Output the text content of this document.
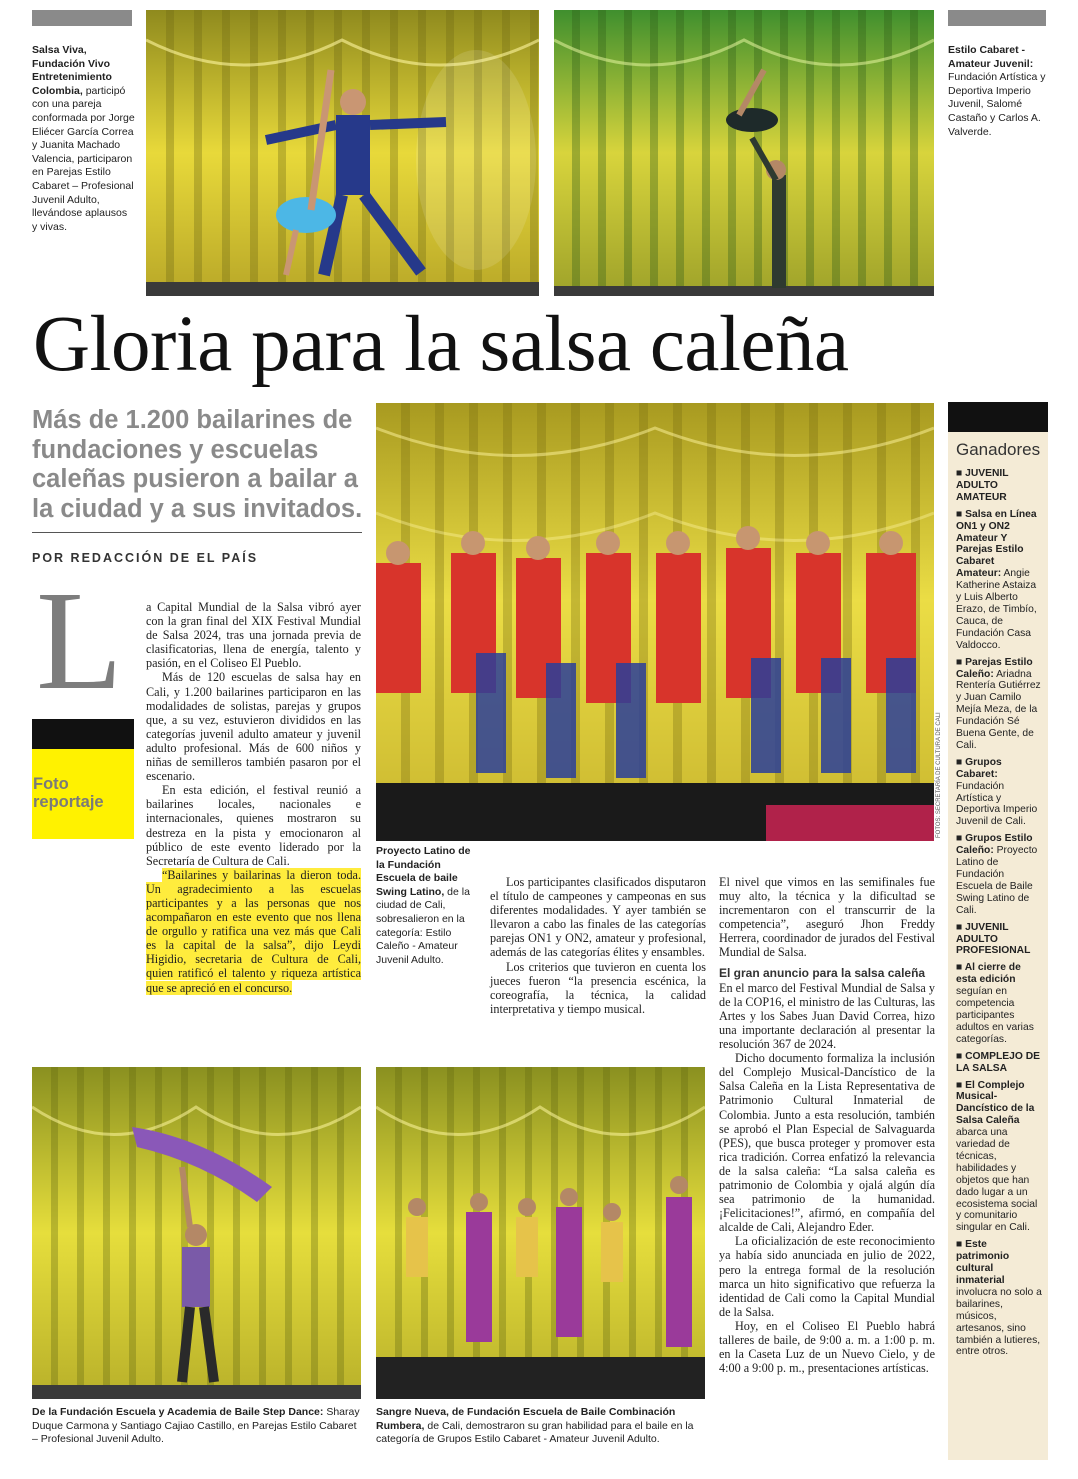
Salsa Viva, Fundación Vivo Entretenimiento Colombia, participó con una pareja conformada por Jorge Eliécer García Correa y Juanita Machado Valencia, participaron en Parejas Estilo Cabaret – Profesional Juvenil Adulto, llevándose aplausos y vivas.
Estilo Cabaret - Amateur Juvenil: Fundación Artística y Deportiva Imperio Juvenil, Salomé Castaño y Carlos A. Valverde.
Gloria para la salsa caleña
Más de 1.200 bailarines de fundaciones y escuelas caleñas pusieron a bailar a la ciudad y a sus invitados.
POR REDACCIÓN DE EL PAÍS
L
Foto reportaje

a Capital Mundial de la Salsa vibró ayer con la gran final del XIX Festival Mundial de Salsa 2024, tras una jornada previa de clasificatorias, llena de energía, talento y pasión, en el Coliseo El Pueblo.

Más de 120 escuelas de salsa hay en Cali, y 1.200 bailarines participaron en las modalidades de solistas, parejas y grupos que, a su vez, estuvieron divididos en las categorías juvenil adulto amateur y juvenil adulto profesional. Más de 600 niños y niñas de semilleros también pasaron por el escenario.

En esta edición, el festival reunió a bailarines locales, nacionales e internacionales, quienes mostraron su destreza en la pista y emocionaron al público de este evento liderado por la Secretaría de Cultura de Cali.

“Bailarines y bailarinas la dieron toda. Un agradecimiento a las escuelas participantes y a las personas que nos acompañaron en este evento que nos llena de orgullo y ratifica una vez más que Cali es la capital de la salsa”, dijo Leydi Higidio, secretaria de Cultura de Cali, quien ratificó el talento y riqueza artística que se apreció en el concurso.

FOTOS: SECRETARÍA DE CULTURA DE CALI
Proyecto Latino de la Fundación Escuela de baile Swing Latino, de la ciudad de Cali, sobresalieron en la categoría: Estilo Caleño - Amateur Juvenil Adulto.

Los participantes clasificados disputaron el título de campeones y campeonas en sus diferentes modalidades. Y ayer también se llevaron a cabo las finales de las categorías parejas ON1 y ON2, amateur y profesional, además de las categorías élites y ensambles.

Los criterios que tuvieron en cuenta los jueces fueron “la presencia escénica, la coreografía, la técnica, la calidad interpretativa y tiempo musical.

El nivel que vimos en las semifinales fue muy alto, la técnica y la dificultad se incrementaron con el transcurrir de la competencia”, aseguró Jhon Freddy Herrera, coordinador de jurados del Festival Mundial de Salsa.

El gran anuncio para la salsa caleña

En el marco del Festival Mundial de Salsa y de la COP16, el ministro de las Culturas, las Artes y los Sabes Juan David Correa, hizo una importante declaración al presentar la resolución 367 de 2024.

Dicho documento formaliza la inclusión del Complejo Musical-Dancístico de la Salsa Caleña en la Lista Representativa de Patrimonio Cultural Inmaterial de Colombia. Junto a esta resolución, también se aprobó el Plan Especial de Salvaguarda (PES), que busca proteger y promover esta rica tradición. Correa enfatizó la relevancia de la salsa caleña: “La salsa caleña es patrimonio de Colombia y ojalá algún día sea patrimonio de la humanidad. ¡Felicitaciones!”, afirmó, en compañía del alcalde de Cali, Alejandro Eder.

La oficialización de este reconocimiento ya había sido anunciada en julio de 2022, pero la entrega formal de la resolución marca un hito significativo que refuerza la identidad de Cali como la Capital Mundial de la Salsa.

Hoy, en el Coliseo El Pueblo habrá talleres de baile, de 9:00 a. m. a 1:00 p. m. en la Caseta Luz de un Nuevo Cielo, y de 4:00 a 9:00 p. m., presentaciones artísticas.

Ganadores
■ JUVENIL ADULTO AMATEUR
■ Salsa en Línea ON1 y ON2 Amateur Y Parejas Estilo Cabaret Amateur: Angie Katherine Astaiza y Luis Alberto Erazo, de Timbío, Cauca, de Fundación Casa Valdocco.
■ Parejas Estilo Caleño: Ariadna Rentería Gutiérrez y Juan Camilo Mejía Meza, de la Fundación Sé Buena Gente, de Cali.
■ Grupos Cabaret: Fundación Artística y Deportiva Imperio Juvenil de Cali.
■ Grupos Estilo Caleño: Proyecto Latino de Fundación Escuela de Baile Swing Latino de Cali.
■ JUVENIL ADULTO PROFESIONAL
■ Al cierre de esta edición seguían en competencia participantes adultos en varias categorías.
■ COMPLEJO DE LA SALSA
■ El Complejo Musical-Dancístico de la Salsa Caleña abarca una variedad de técnicas, habilidades y objetos que han dado lugar a un ecosistema social y comunitario singular en Cali.
■ Este patrimonio cultural inmaterial involucra no solo a bailarines, músicos, artesanos, sino también a lutieres, entre otros.
De la Fundación Escuela y Academia de Baile Step Dance: Sharay Duque Carmona y Santiago Cajiao Castillo, en Parejas Estilo Cabaret – Profesional Juvenil Adulto.
Sangre Nueva, de Fundación Escuela de Baile Combinación Rumbera, de Cali, demostraron su gran habilidad para el baile en la categoría de Grupos Estilo Cabaret - Amateur Juvenil Adulto.
